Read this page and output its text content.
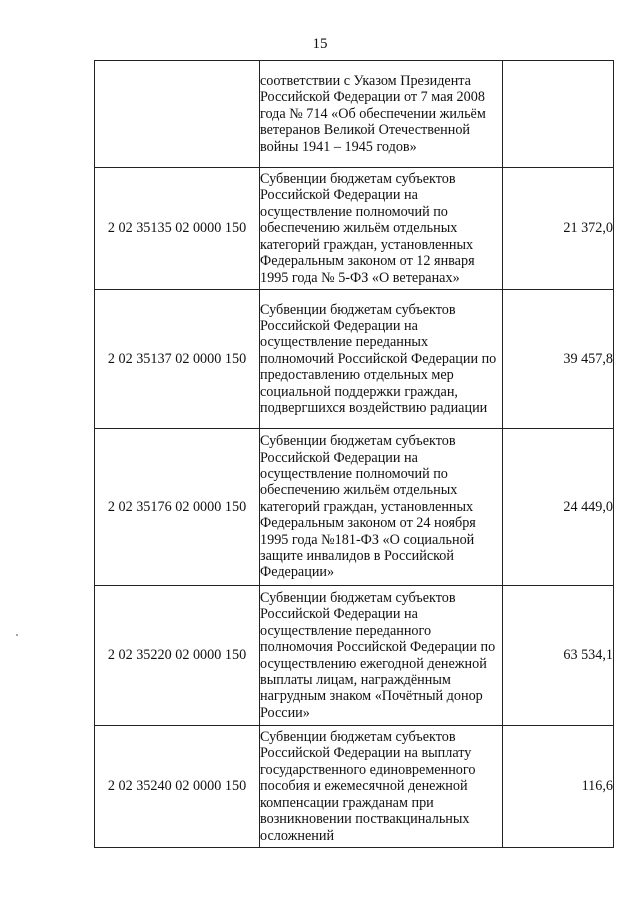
15
	соответствии с Указом Президента Российской Федерации от 7 мая 2008 года № 714 «Об обеспечении жильём ветеранов Великой Отечественной войны 1941 – 1945 годов»	
2 02 35135 02 0000 150	Субвенции бюджетам субъектов Российской Федерации на осуществление полномочий по обеспечению жильём отдельных категорий граждан, установленных Федеральным законом от 12 января 1995 года № 5-ФЗ «О ветеранах»	21 372,0
2 02 35137 02 0000 150	Субвенции бюджетам субъектов Российской Федерации на осуществление переданных полномочий Российской Федерации по предоставлению отдельных мер социальной поддержки граждан, подвергшихся воздействию радиации	39 457,8
2 02 35176 02 0000 150	Субвенции бюджетам субъектов Российской Федерации на осуществление полномочий по обеспечению жильём отдельных категорий граждан, установленных Федеральным законом от 24 ноября 1995 года №181-ФЗ «О социальной защите инвалидов в Российской Федерации»	24 449,0
2 02 35220 02 0000 150	Субвенции бюджетам субъектов Российской Федерации на осуществление переданного полномочия Российской Федерации по осуществлению ежегодной денежной выплаты лицам, награждённым нагрудным знаком «Почётный донор России»	63 534,1
2 02 35240 02 0000 150	Субвенции бюджетам субъектов Российской Федерации на выплату государственного единовременного пособия и ежемесячной денежной компенсации гражданам при возникновении поствакцинальных осложнений	116,6
